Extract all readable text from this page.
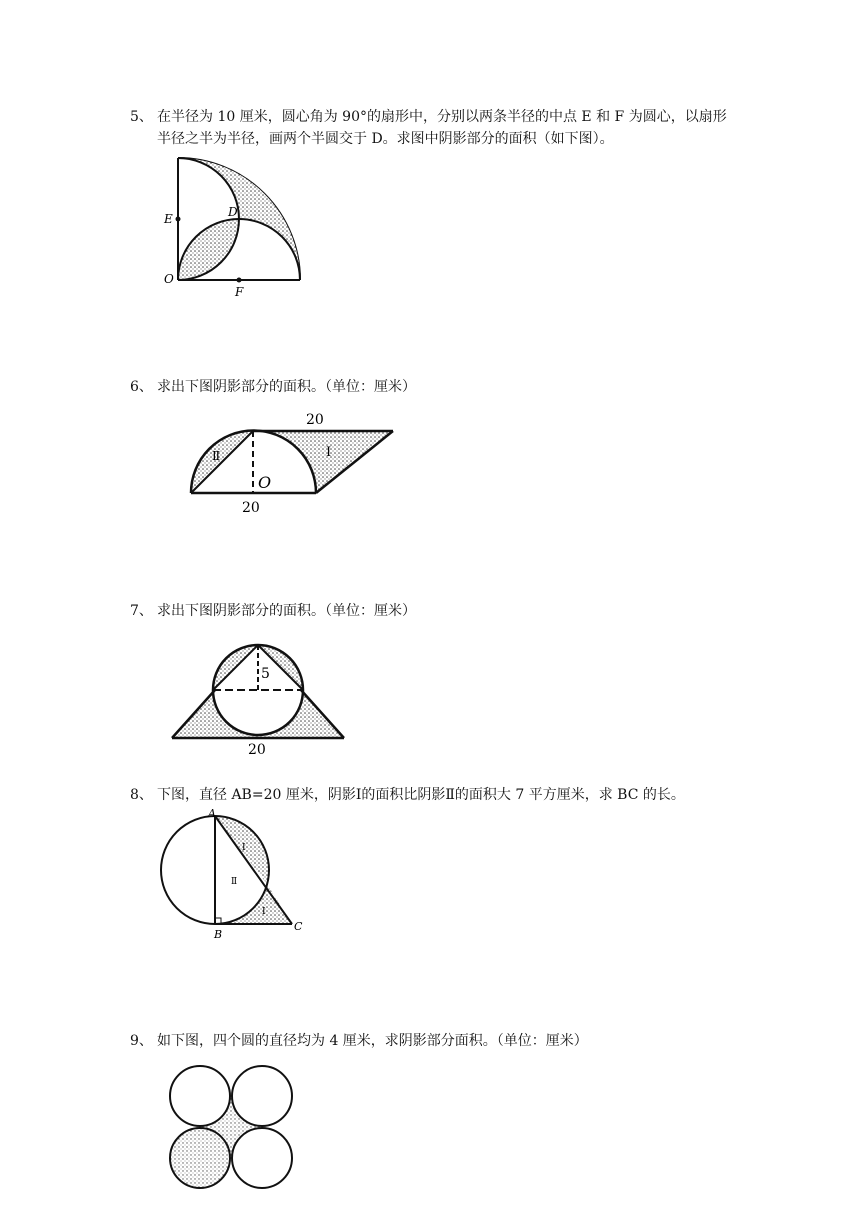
5、 在半径为 10 厘米，圆心角为 90°的扇形中，分别以两条半径的中点 E 和 F 为圆心，以扇形半径之半为半径，画两个半圆交于 D。求图中阴影部分的面积（如下图）。
E	D
O
F
6、 求出下图阴影部分的面积。（单位：厘米）
20
20
O
Ⅰ
Ⅱ
7、 求出下图阴影部分的面积。（单位：厘米）
5
20
8、 下图，直径 AB=20 厘米，阴影Ⅰ的面积比阴影Ⅱ的面积大 7 平方厘米，求 BC 的长。
A
B
C
Ⅰ
Ⅰ
Ⅱ
9、 如下图，四个圆的直径均为 4 厘米，求阴影部分面积。（单位：厘米）
